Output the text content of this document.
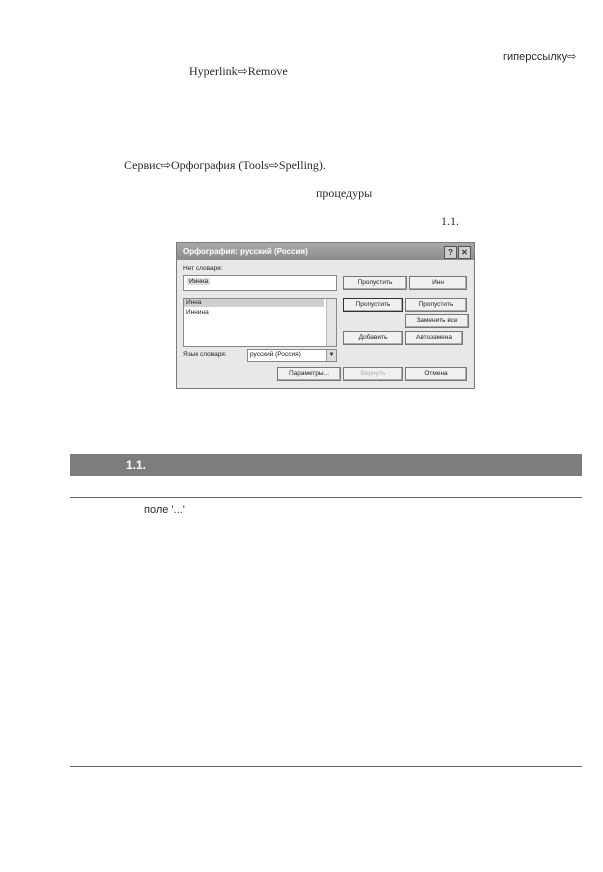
гиперссылку⇨
Hyperlink⇨Remove
Сервис⇨Орфография (Tools⇨Spelling).
процедуры
1.1.
Орфография: русский (Россия)	?	✕
Нет словаря:
Иинна
Инна
Иннина
Язык словаря:	русский (Россия)	▼
Пропустить	Инн
Пропустить	Пропустить
Заменить все
Добавить	Автозамена
Параметры...	Вернуть	Отмена
1.1.
поле '...'
